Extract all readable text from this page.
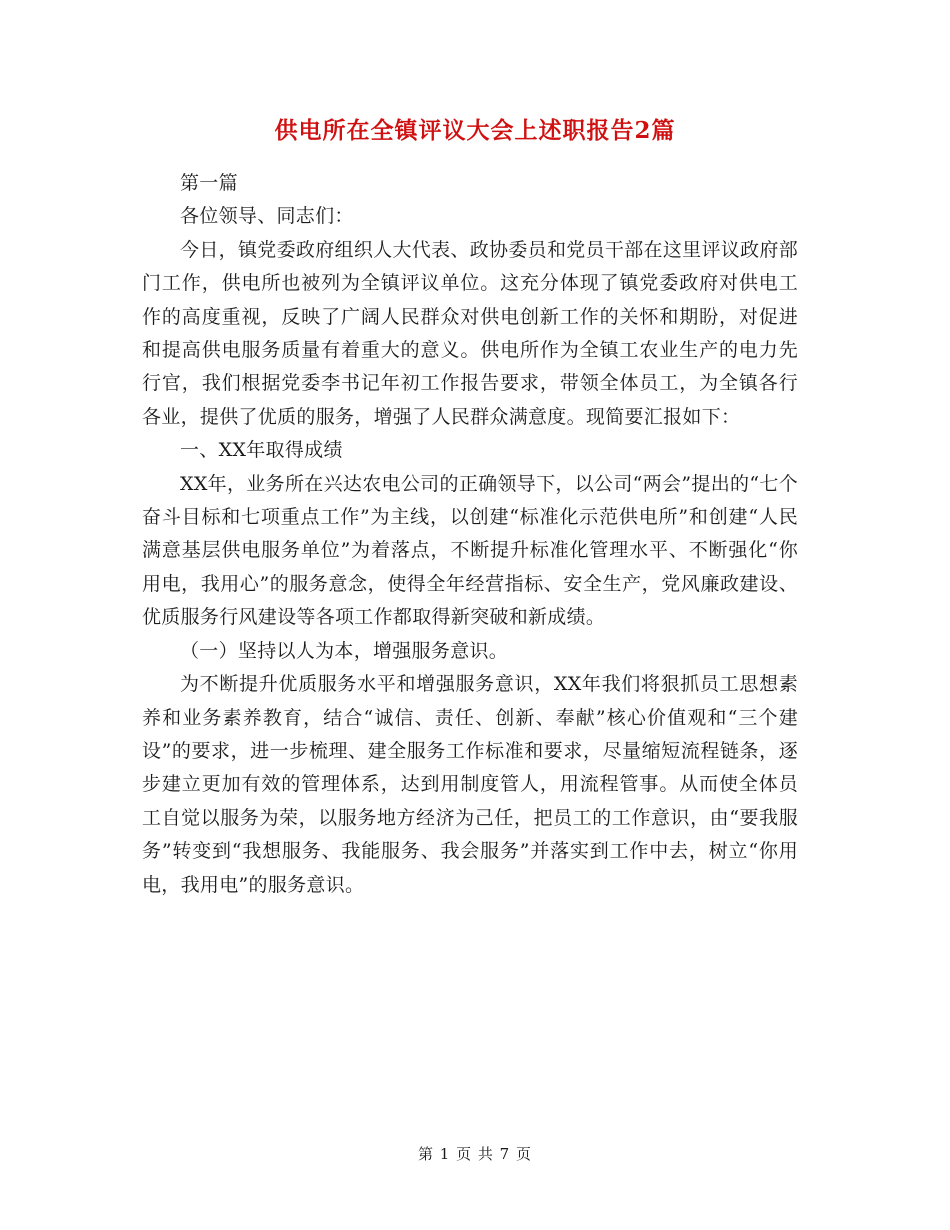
供电所在全镇评议大会上述职报告2篇

第一篇

各位领导、同志们：

今日，镇党委政府组织人大代表、政协委员和党员干部在这里评议政府部门工作，供电所也被列为全镇评议单位。这充分体现了镇党委政府对供电工作的高度重视，反映了广阔人民群众对供电创新工作的关怀和期盼，对促进和提高供电服务质量有着重大的意义。供电所作为全镇工农业生产的电力先行官，我们根据党委李书记年初工作报告要求，带领全体员工，为全镇各行各业，提供了优质的服务，增强了人民群众满意度。现简要汇报如下：

一、XX年取得成绩

XX年，业务所在兴达农电公司的正确领导下，以公司“两会”提出的“七个奋斗目标和七项重点工作”为主线，以创建“标准化示范供电所”和创建“人民满意基层供电服务单位”为着落点，不断提升标准化管理水平、不断强化“你用电，我用心”的服务意念，使得全年经营指标、安全生产，党风廉政建设、优质服务行风建设等各项工作都取得新突破和新成绩。

（一）坚持以人为本，增强服务意识。

为不断提升优质服务水平和增强服务意识，XX年我们将狠抓员工思想素养和业务素养教育，结合“诚信、责任、创新、奉献”核心价值观和“三个建设”的要求，进一步梳理、建全服务工作标准和要求，尽量缩短流程链条，逐步建立更加有效的管理体系，达到用制度管人，用流程管事。从而使全体员工自觉以服务为荣，以服务地方经济为己任，把员工的工作意识，由“要我服务”转变到“我想服务、我能服务、我会服务”并落实到工作中去，树立“你用电，我用电”的服务意识。

第 1 页 共 7 页
